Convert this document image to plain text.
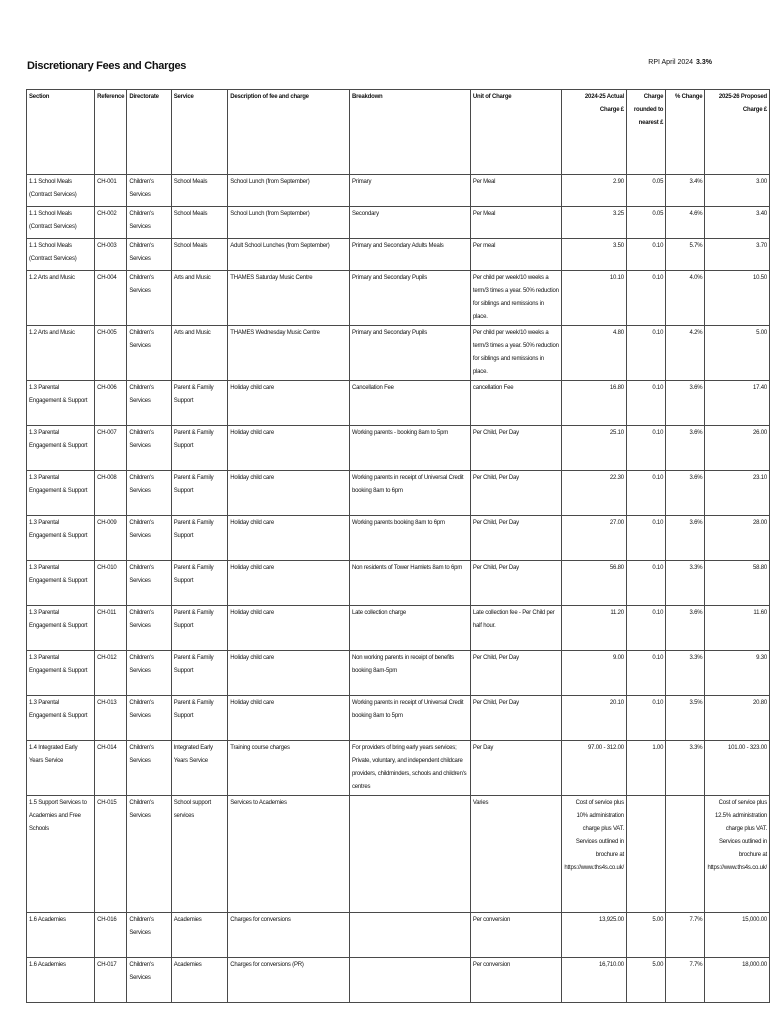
Discretionary Fees and Charges	RPI April 2024 3.3%
Section	Reference	Directorate	Service	Description of fee and charge	Breakdown	Unit of Charge	2024-25 Actual Charge £	Charge rounded to nearest £	% Change	2025-26 Proposed Charge £
1.1 School Meals (Contract Services)	CH-001	Children's Services	School Meals	School Lunch (from September)	Primary	Per Meal	2.90	0.05	3.4%	3.00
1.1 School Meals (Contract Services)	CH-002	Children's Services	School Meals	School Lunch (from September)	Secondary	Per Meal	3.25	0.05	4.6%	3.40
1.1 School Meals (Contract Services)	CH-003	Children's Services	School Meals	Adult School Lunches (from September)	Primary and Secondary Adults Meals	Per meal	3.50	0.10	5.7%	3.70
1.2 Arts and Music	CH-004	Children's Services	Arts and Music	THAMES Saturday Music Centre	Primary and Secondary Pupils	Per child per week/10 weeks a term/3 times a year. 50% reduction for siblings and remissions in place.	10.10	0.10	4.0%	10.50
1.2 Arts and Music	CH-005	Children's Services	Arts and Music	THAMES Wednesday Music Centre	Primary and Secondary Pupils	Per child per week/10 weeks a term/3 times a year. 50% reduction for siblings and remissions in place.	4.80	0.10	4.2%	5.00
1.3 Parental Engagement & Support	CH-006	Children's Services	Parent & Family Support	Holiday child care	Cancellation Fee	cancellation Fee	16.80	0.10	3.6%	17.40
1.3 Parental Engagement & Support	CH-007	Children's Services	Parent & Family Support	Holiday child care	Working parents - booking 8am to 5pm	Per Child, Per Day	25.10	0.10	3.6%	26.00
1.3 Parental Engagement & Support	CH-008	Children's Services	Parent & Family Support	Holiday child care	Working parents in receipt of Universal Credit booking 8am to 6pm	Per Child, Per Day	22.30	0.10	3.6%	23.10
1.3 Parental Engagement & Support	CH-009	Children's Services	Parent & Family Support	Holiday child care	Working parents booking 8am to 6pm	Per Child, Per Day	27.00	0.10	3.6%	28.00
1.3 Parental Engagement & Support	CH-010	Children's Services	Parent & Family Support	Holiday child care	Non residents of Tower Hamlets 8am to 6pm	Per Child, Per Day	56.80	0.10	3.3%	58.80
1.3 Parental Engagement & Support	CH-011	Children's Services	Parent & Family Support	Holiday child care	Late collection charge	Late collection fee - Per Child per half hour.	11.20	0.10	3.6%	11.60
1.3 Parental Engagement & Support	CH-012	Children's Services	Parent & Family Support	Holiday child care	Non working parents in receipt of benefits booking 8am-5pm	Per Child, Per Day	9.00	0.10	3.3%	9.30
1.3 Parental Engagement & Support	CH-013	Children's Services	Parent & Family Support	Holiday child care	Working parents in receipt of Universal Credit booking 8am to 5pm	Per Child, Per Day	20.10	0.10	3.5%	20.80
1.4 Integrated Early Years Service	CH-014	Children's Services	Integrated Early Years Service	Training course charges	For providers of bring early years services; Private, voluntary, and independent childcare providers, childminders, schools and children's centres	Per Day	97.00 - 312.00	1.00	3.3%	101.00 - 323.00
1.5 Support Services to Academies and Free Schools	CH-015	Children's Services	School support services	Services to Academies		Varies	Cost of service plus 10% administration charge plus VAT. Services outlined in brochure at https://www.ths4s.co.uk/			Cost of service plus 12.5% administration charge plus VAT. Services outlined in brochure at https://www.ths4s.co.uk/
1.6 Academies	CH-016	Children's Services	Academies	Charges for conversions		Per conversion	13,925.00	5.00	7.7%	15,000.00
1.6 Academies	CH-017	Children's Services	Academies	Charges for conversions (PR)		Per conversion	16,710.00	5.00	7.7%	18,000.00
